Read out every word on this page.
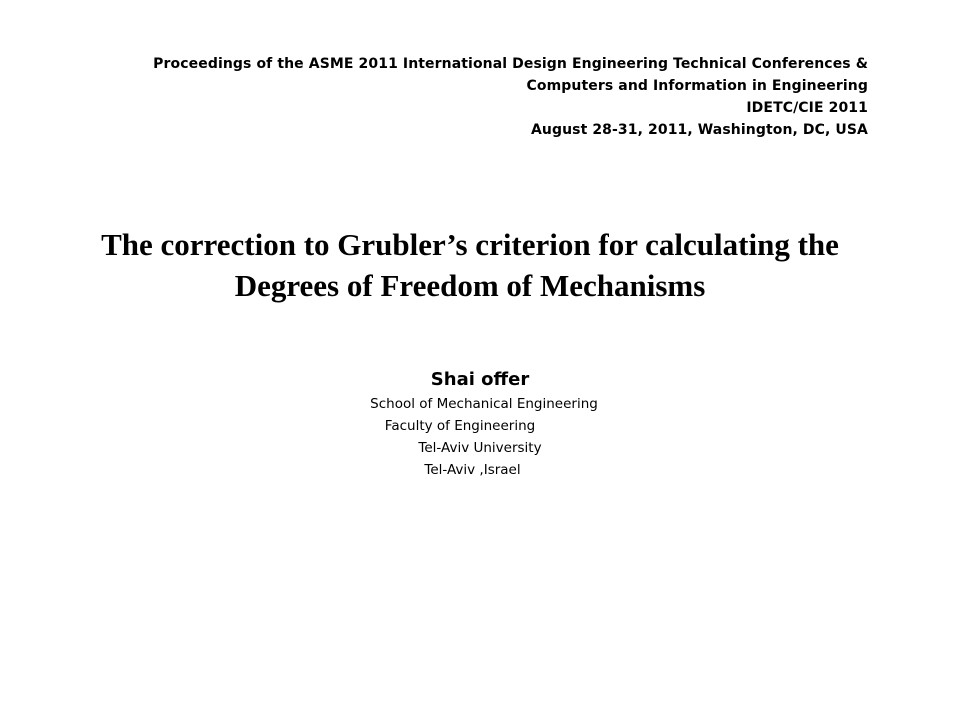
Proceedings of the ASME 2011 International Design Engineering Technical Conferences &
Computers and Information in Engineering
IDETC/CIE 2011
August 28-31, 2011, Washington, DC, USA
The correction to Grubler’s criterion for calculating the
Degrees of Freedom of Mechanisms
Shai offer
School of Mechanical Engineering
Faculty of Engineering
Tel-Aviv University
Tel-Aviv ,Israel
